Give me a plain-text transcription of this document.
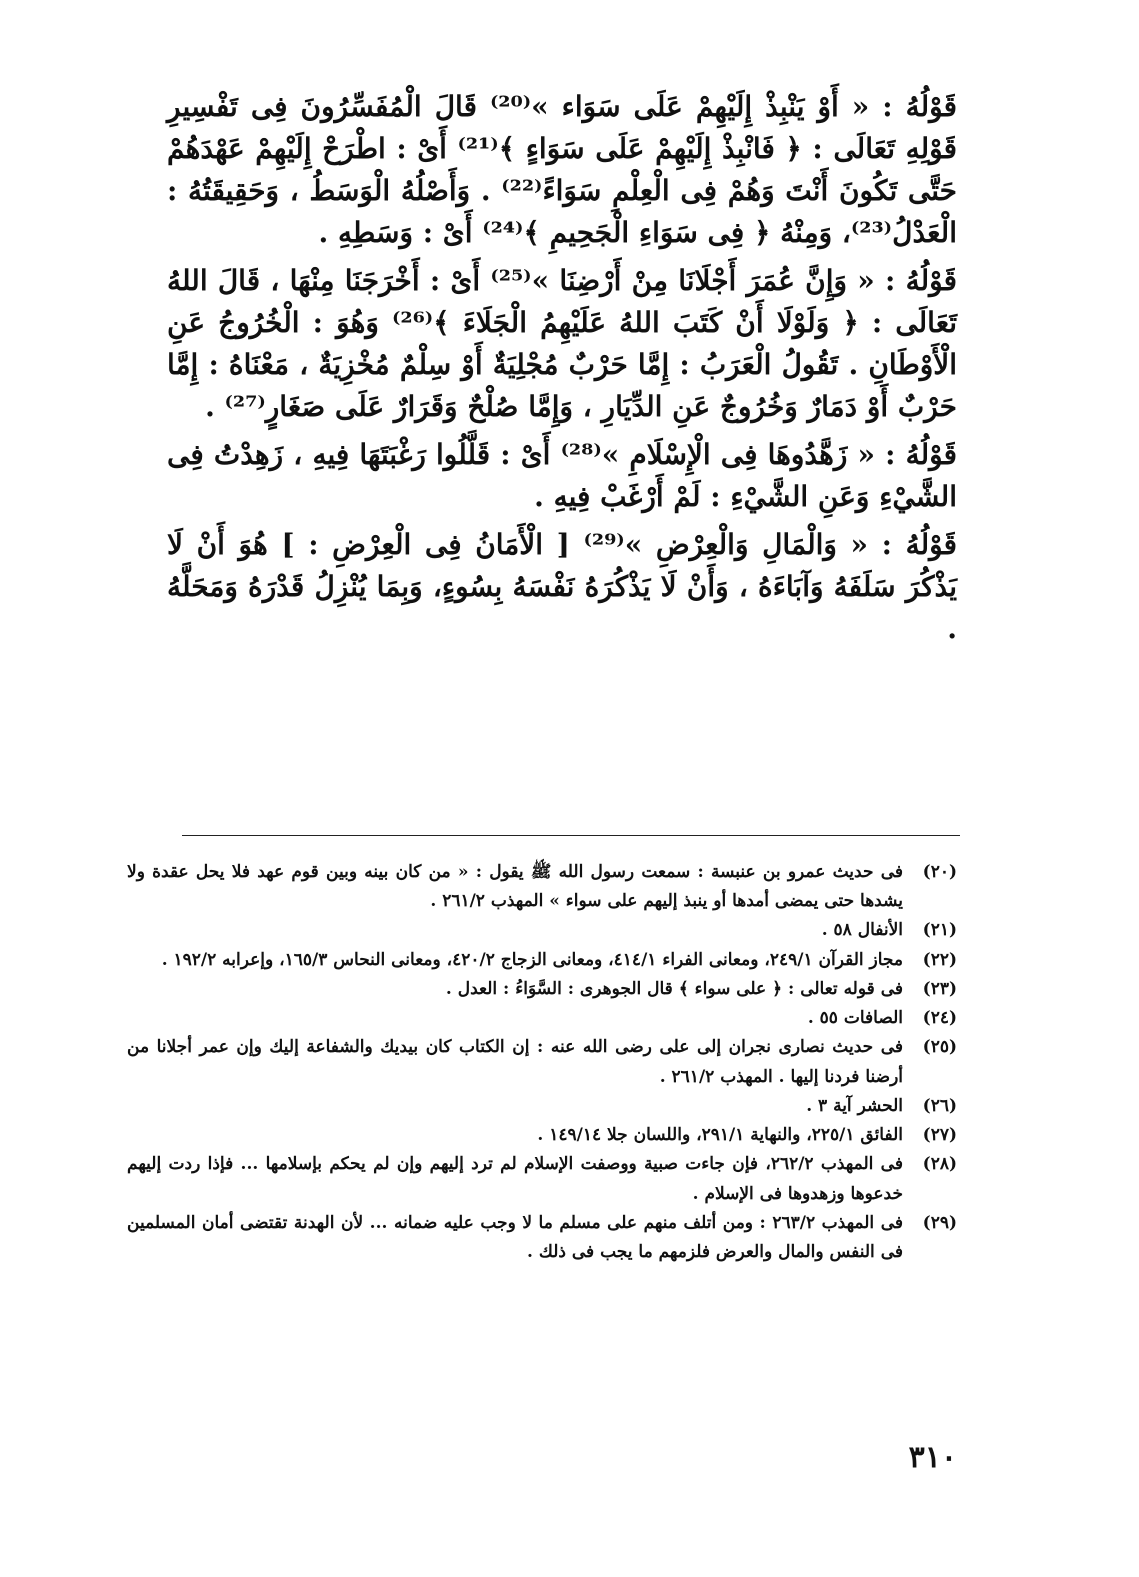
قَوْلُهُ : « أَوْ يَنْبِذْ إِلَيْهِمْ عَلَى سَوَاء »⁽²⁰⁾ قَالَ الْمُفَسِّرُونَ فِى تَفْسِيرِ قَوْلِهِ تَعَالَى : ﴿ فَانْبِذْ إِلَيْهِمْ عَلَى سَوَاءٍ ﴾⁽²¹⁾ أَىْ : اطْرَحْ إِلَيْهِمْ عَهْدَهُمْ حَتَّى تَكُونَ أَنْتَ وَهُمْ فِى الْعِلْمِ سَوَاءً⁽²²⁾ . وَأَصْلُهُ الْوَسَطُ ، وَحَقِيقَتُهُ : الْعَدْلُ⁽²³⁾، وَمِنْهُ ﴿ فِى سَوَاءِ الْجَحِيمِ ﴾⁽²⁴⁾ أَىْ : وَسَطِهِ .

قَوْلُهُ : « وَإِنَّ عُمَرَ أَجْلَانَا مِنْ أَرْضِنَا »⁽²⁵⁾ أَىْ : أَخْرَجَنَا مِنْهَا ، قَالَ اللهُ تَعَالَى : ﴿ وَلَوْلَا أَنْ كَتَبَ اللهُ عَلَيْهِمُ الْجَلَاءَ ﴾⁽²⁶⁾ وَهُوَ : الْخُرُوجُ عَنِ الْأَوْطَانِ . تَقُولُ الْعَرَبُ : إِمَّا حَرْبٌ مُجْلِيَةٌ أَوْ سِلْمٌ مُخْزِيَةٌ ، مَعْنَاهُ : إِمَّا حَرْبٌ أَوْ دَمَارٌ وَخُرُوجٌ عَنِ الدِّيَارِ ، وَإِمَّا صُلْحٌ وَقَرَارٌ عَلَى صَغَارٍ⁽²⁷⁾ .

قَوْلُهُ : « زَهَّدُوهَا فِى الْإِسْلَامِ »⁽²⁸⁾ أَىْ : قَلَّلُوا رَغْبَتَهَا فِيهِ ، زَهِدْتُ فِى الشَّيْءِ وَعَنِ الشَّيْءِ : لَمْ أَرْغَبْ فِيهِ .

قَوْلُهُ : « وَالْمَالِ وَالْعِرْضِ »⁽²⁹⁾ [ الْأَمَانُ فِى الْعِرْضِ : ] هُوَ أَنْ لَا يَذْكُرَ سَلَفَهُ وَآبَاءَهُ ، وَأَنْ لَا يَذْكُرَهُ نَفْسَهُ بِسُوءٍ، وَبِمَا يُنْزِلُ قَدْرَهُ وَمَحَلَّهُ .

(٢٠)
فى حديث عمرو بن عنبسة : سمعت رسول الله ﷺ يقول : « من كان بينه وبين قوم عهد فلا يحل عقدة ولا يشدها حتى يمضى أمدها أو ينبذ إليهم على سواء » المهذب ٢٦١/٢ .
(٢١)
الأنفال ٥٨ .
(٢٢)
مجاز القرآن ٢٤٩/١، ومعانى الفراء ٤١٤/١، ومعانى الزجاج ٤٢٠/٢، ومعانى النحاس ١٦٥/٣، وإعرابه ١٩٢/٢ .
(٢٣)
فى قوله تعالى : ﴿ على سواء ﴾ قال الجوهرى : السَّوَاءُ : العدل .
(٢٤)
الصافات ٥٥ .
(٢٥)
فى حديث نصارى نجران إلى على رضى الله عنه : إن الكتاب كان بيديك والشفاعة إليك وإن عمر أجلانا من أرضنا فردنا إليها . المهذب ٢٦١/٢ .
(٢٦)
الحشر آية ٣ .
(٢٧)
الفائق ٢٢٥/١، والنهاية ٢٩١/١، واللسان جلا ١٤٩/١٤ .
(٢٨)
فى المهذب ٢٦٢/٢، فإن جاءت صبية ووصفت الإسلام لم ترد إليهم وإن لم يحكم بإسلامها ... فإذا ردت إليهم خدعوها وزهدوها فى الإسلام .
(٢٩)
فى المهذب ٢٦٣/٢ : ومن أتلف منهم على مسلم ما لا وجب عليه ضمانه ... لأن الهدنة تقتضى أمان المسلمين فى النفس والمال والعرض فلزمهم ما يجب فى ذلك .
٣١٠
